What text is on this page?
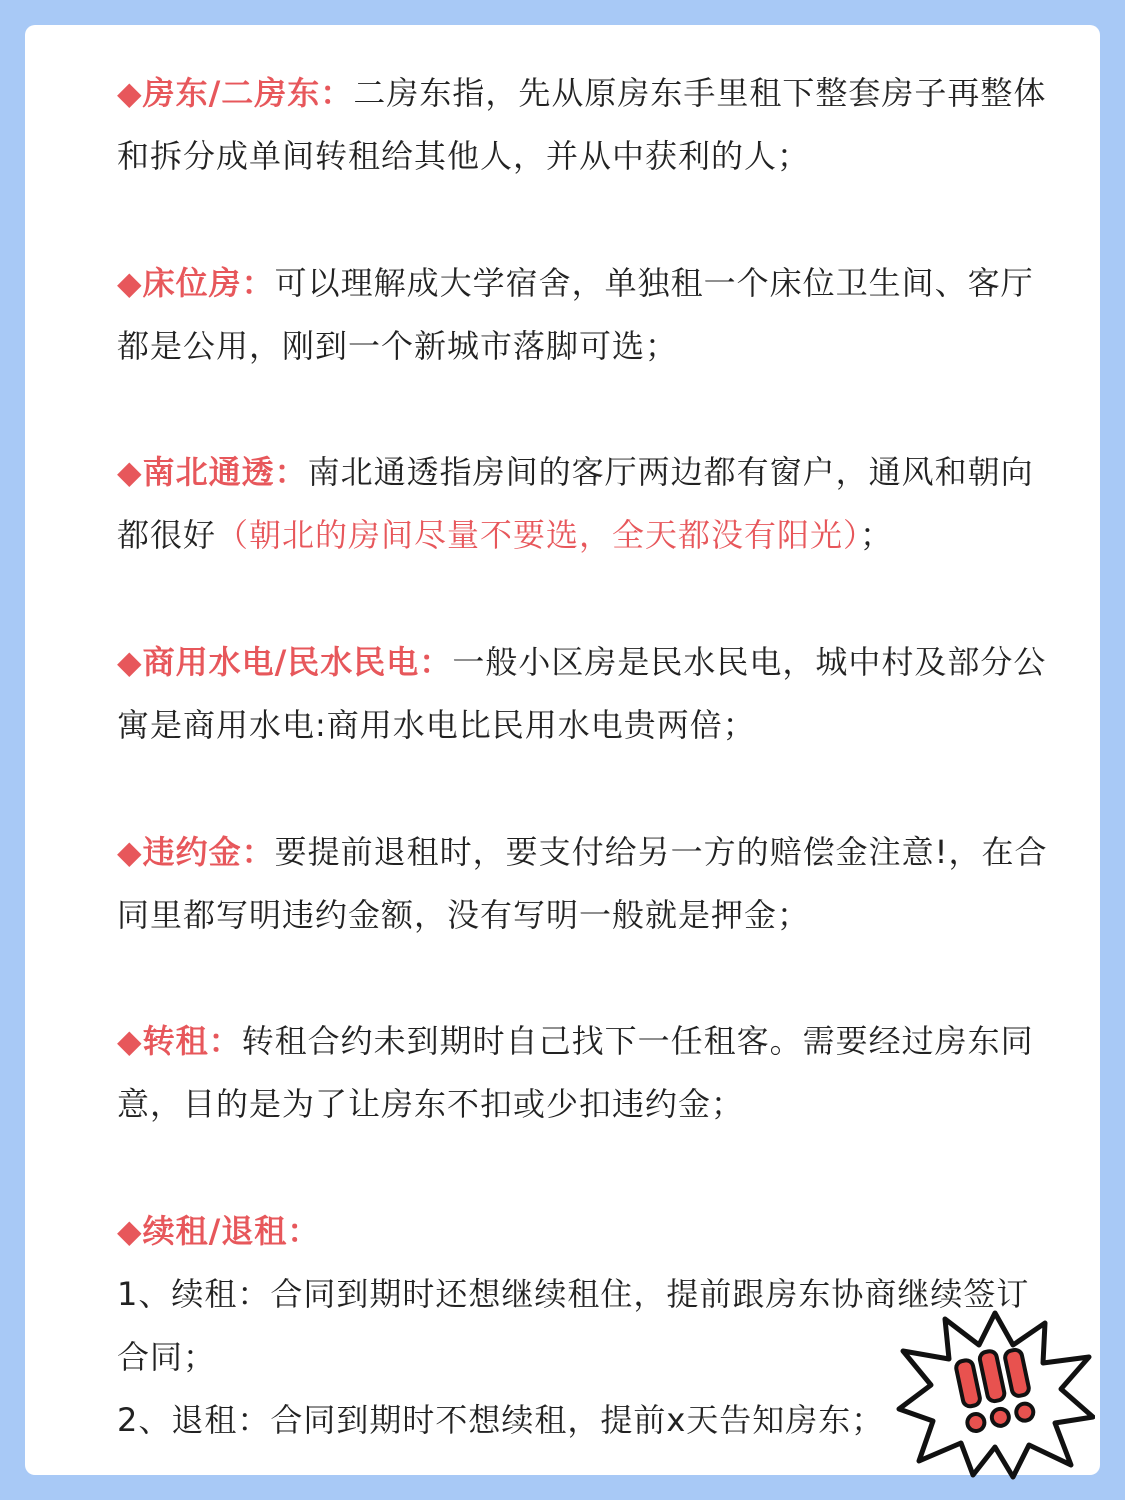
◆房东/二房东：二房东指，先从原房东手里租下整套房子再整体和拆分成单间转租给其他人，并从中获利的人；
◆床位房：可以理解成大学宿舍，单独租一个床位卫生间、客厅都是公用，刚到一个新城市落脚可选；
◆南北通透：南北通透指房间的客厅两边都有窗户，通风和朝向都很好（朝北的房间尽量不要选，全天都没有阳光）；
◆商用水电/民水民电：一般小区房是民水民电，城中村及部分公寓是商用水电:商用水电比民用水电贵两倍；
◆违约金：要提前退租时，要支付给另一方的赔偿金注意!，在合同里都写明违约金额，没有写明一般就是押金；
◆转租：转租合约未到期时自己找下一任租客。需要经过房东同意，目的是为了让房东不扣或少扣违约金；
◆续租/退租：
1、续租：合同到期时还想继续租住，提前跟房东协商继续签订合同；
2、退租：合同到期时不想续租，提前x天告知房东；
